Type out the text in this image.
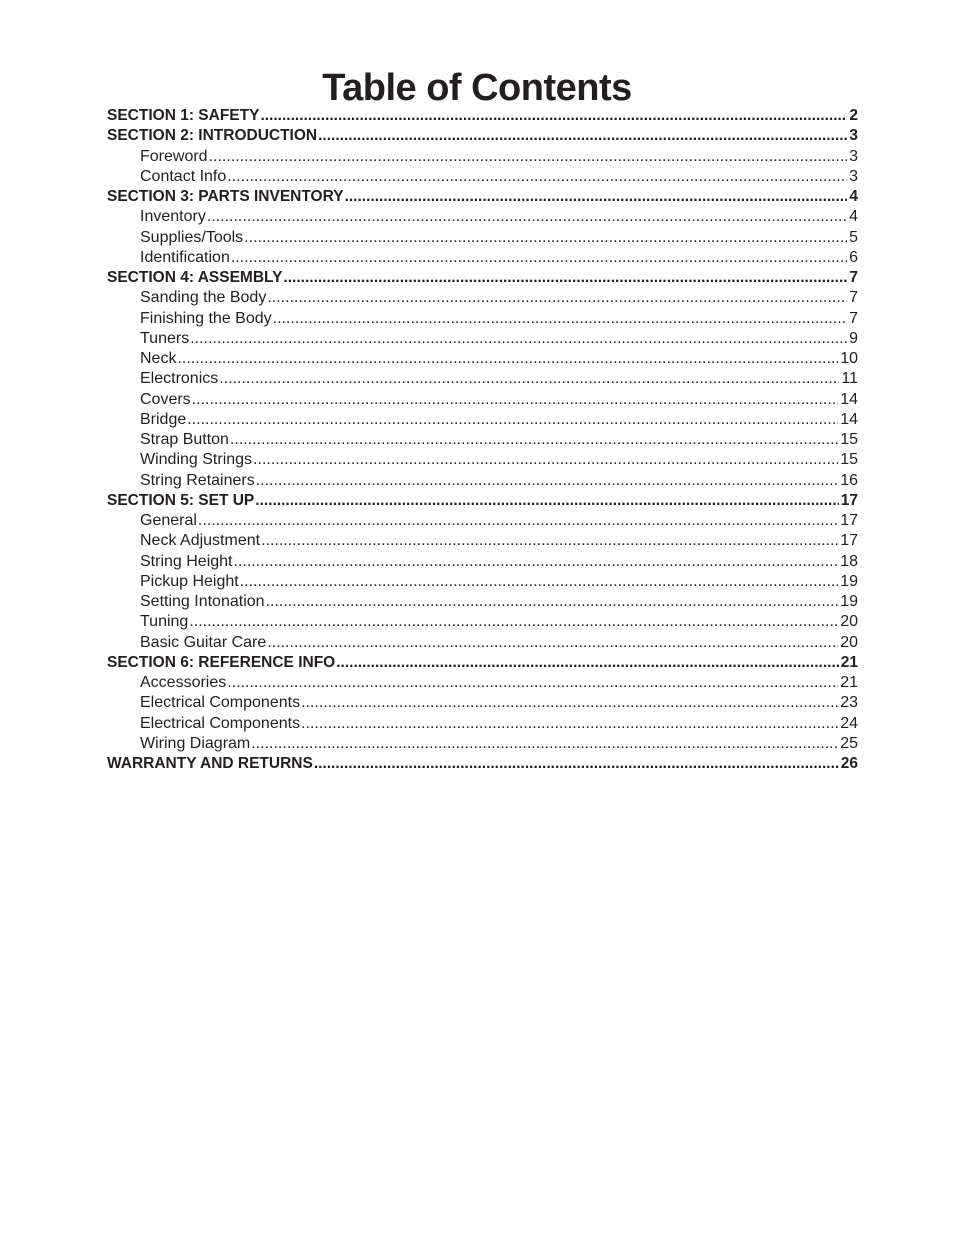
Table of Contents
SECTION 1: SAFETY .....	2
SECTION 2: INTRODUCTION .....	3
Foreword .....	3
Contact Info .....	3
SECTION 3: PARTS INVENTORY .....	4
Inventory .....	4
Supplies/Tools .....	5
Identification .....	6
SECTION 4: ASSEMBLY .....	7
Sanding the Body .....	7
Finishing the Body .....	7
Tuners .....	9
Neck .....	10
Electronics .....	11
Covers .....	14
Bridge .....	14
Strap Button .....	15
Winding Strings .....	15
String Retainers .....	16
SECTION 5: SET UP .....	17
General .....	17
Neck Adjustment .....	17
String Height .....	18
Pickup Height .....	19
Setting Intonation .....	19
Tuning .....	20
Basic Guitar Care .....	20
SECTION 6: REFERENCE INFO .....	21
Accessories .....	21
Electrical Components .....	23
Electrical Components .....	24
Wiring Diagram .....	25
WARRANTY AND RETURNS .....	26
